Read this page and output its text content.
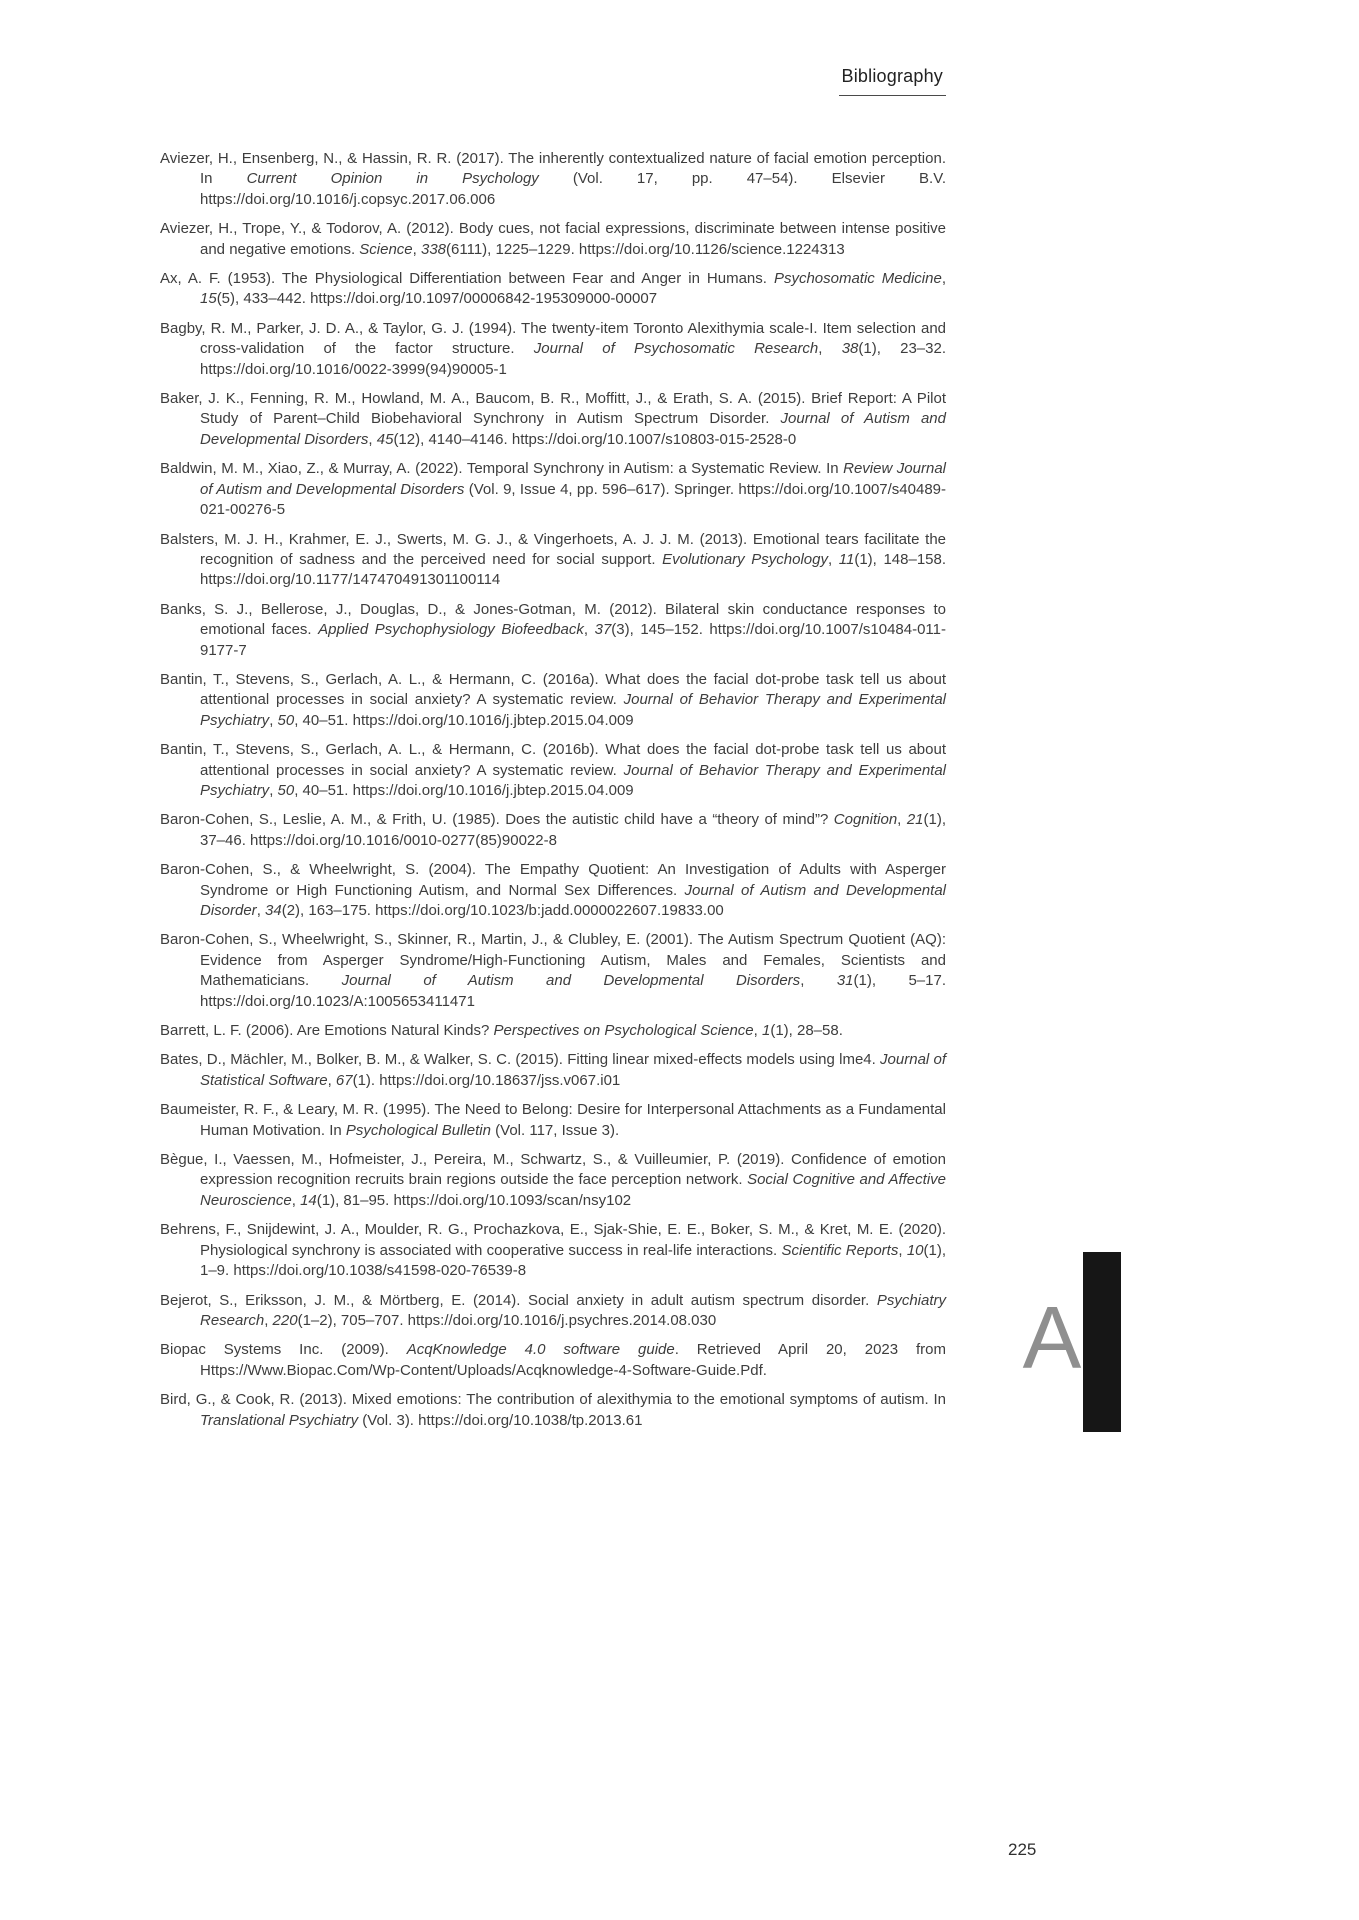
Bibliography

Aviezer, H., Ensenberg, N., & Hassin, R. R. (2017). The inherently contextualized nature of facial emotion perception. In Current Opinion in Psychology (Vol. 17, pp. 47–54). Elsevier B.V. https://doi.org/10.1016/j.copsyc.2017.06.006

Aviezer, H., Trope, Y., & Todorov, A. (2012). Body cues, not facial expressions, discriminate between intense positive and negative emotions. Science, 338(6111), 1225–1229. https://doi.org/10.1126/science.1224313

Ax, A. F. (1953). The Physiological Differentiation between Fear and Anger in Humans. Psychosomatic Medicine, 15(5), 433–442. https://doi.org/10.1097/00006842-195309000-00007

Bagby, R. M., Parker, J. D. A., & Taylor, G. J. (1994). The twenty-item Toronto Alexithymia scale-I. Item selection and cross-validation of the factor structure. Journal of Psychosomatic Research, 38(1), 23–32. https://doi.org/10.1016/0022-3999(94)90005-1

Baker, J. K., Fenning, R. M., Howland, M. A., Baucom, B. R., Moffitt, J., & Erath, S. A. (2015). Brief Report: A Pilot Study of Parent–Child Biobehavioral Synchrony in Autism Spectrum Disorder. Journal of Autism and Developmental Disorders, 45(12), 4140–4146. https://doi.org/10.1007/s10803-015-2528-0

Baldwin, M. M., Xiao, Z., & Murray, A. (2022). Temporal Synchrony in Autism: a Systematic Review. In Review Journal of Autism and Developmental Disorders (Vol. 9, Issue 4, pp. 596–617). Springer. https://doi.org/10.1007/s40489-021-00276-5

Balsters, M. J. H., Krahmer, E. J., Swerts, M. G. J., & Vingerhoets, A. J. J. M. (2013). Emotional tears facilitate the recognition of sadness and the perceived need for social support. Evolutionary Psychology, 11(1), 148–158. https://doi.org/10.1177/147470491301100114

Banks, S. J., Bellerose, J., Douglas, D., & Jones-Gotman, M. (2012). Bilateral skin conductance responses to emotional faces. Applied Psychophysiology Biofeedback, 37(3), 145–152. https://doi.org/10.1007/s10484-011-9177-7

Bantin, T., Stevens, S., Gerlach, A. L., & Hermann, C. (2016a). What does the facial dot-probe task tell us about attentional processes in social anxiety? A systematic review. Journal of Behavior Therapy and Experimental Psychiatry, 50, 40–51. https://doi.org/10.1016/j.jbtep.2015.04.009

Bantin, T., Stevens, S., Gerlach, A. L., & Hermann, C. (2016b). What does the facial dot-probe task tell us about attentional processes in social anxiety? A systematic review. Journal of Behavior Therapy and Experimental Psychiatry, 50, 40–51. https://doi.org/10.1016/j.jbtep.2015.04.009

Baron-Cohen, S., Leslie, A. M., & Frith, U. (1985). Does the autistic child have a “theory of mind”? Cognition, 21(1), 37–46. https://doi.org/10.1016/0010-0277(85)90022-8

Baron-Cohen, S., & Wheelwright, S. (2004). The Empathy Quotient: An Investigation of Adults with Asperger Syndrome or High Functioning Autism, and Normal Sex Differences. Journal of Autism and Developmental Disorder, 34(2), 163–175. https://doi.org/10.1023/b:jadd.0000022607.19833.00

Baron-Cohen, S., Wheelwright, S., Skinner, R., Martin, J., & Clubley, E. (2001). The Autism Spectrum Quotient (AQ): Evidence from Asperger Syndrome/High-Functioning Autism, Males and Females, Scientists and Mathematicians. Journal of Autism and Developmental Disorders, 31(1), 5–17. https://doi.org/10.1023/A:1005653411471

Barrett, L. F. (2006). Are Emotions Natural Kinds? Perspectives on Psychological Science, 1(1), 28–58.

Bates, D., Mächler, M., Bolker, B. M., & Walker, S. C. (2015). Fitting linear mixed-effects models using lme4. Journal of Statistical Software, 67(1). https://doi.org/10.18637/jss.v067.i01

Baumeister, R. F., & Leary, M. R. (1995). The Need to Belong: Desire for Interpersonal Attachments as a Fundamental Human Motivation. In Psychological Bulletin (Vol. 117, Issue 3).

Bègue, I., Vaessen, M., Hofmeister, J., Pereira, M., Schwartz, S., & Vuilleumier, P. (2019). Confidence of emotion expression recognition recruits brain regions outside the face perception network. Social Cognitive and Affective Neuroscience, 14(1), 81–95. https://doi.org/10.1093/scan/nsy102

Behrens, F., Snijdewint, J. A., Moulder, R. G., Prochazkova, E., Sjak-Shie, E. E., Boker, S. M., & Kret, M. E. (2020). Physiological synchrony is associated with cooperative success in real-life interactions. Scientific Reports, 10(1), 1–9. https://doi.org/10.1038/s41598-020-76539-8

Bejerot, S., Eriksson, J. M., & Mörtberg, E. (2014). Social anxiety in adult autism spectrum disorder. Psychiatry Research, 220(1–2), 705–707. https://doi.org/10.1016/j.psychres.2014.08.030

Biopac Systems Inc. (2009). AcqKnowledge 4.0 software guide. Retrieved April 20, 2023 from Https://Www.Biopac.Com/Wp-Content/Uploads/Acqknowledge-4-Software-Guide.Pdf.

Bird, G., & Cook, R. (2013). Mixed emotions: The contribution of alexithymia to the emotional symptoms of autism. In Translational Psychiatry (Vol. 3). https://doi.org/10.1038/tp.2013.61

A
225
